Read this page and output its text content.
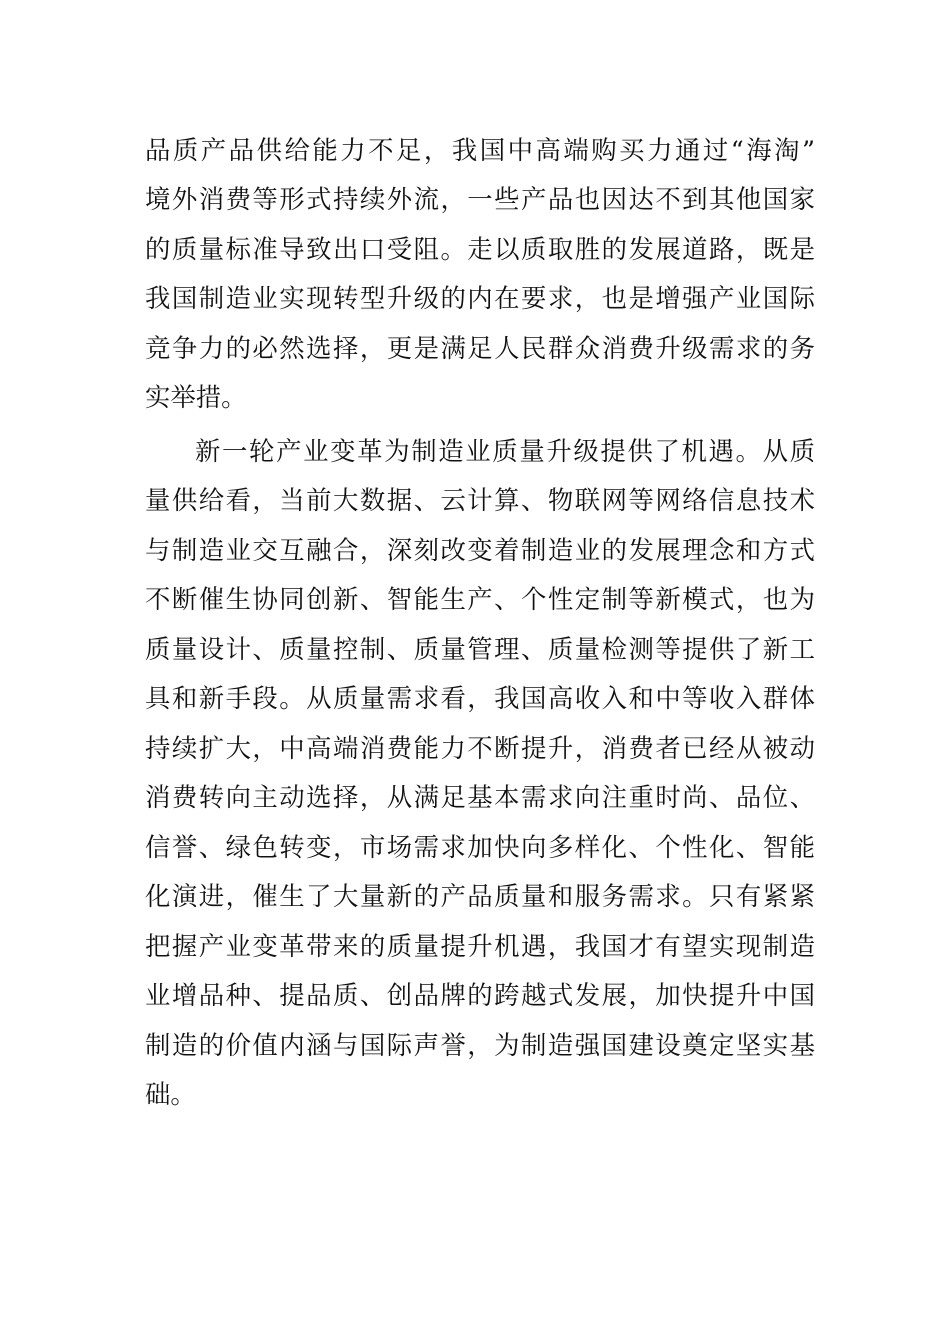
品质产品供给能力不足，我国中高端购买力通过“海淘”
境外消费等形式持续外流，一些产品也因达不到其他国家
的质量标准导致出口受阻。走以质取胜的发展道路，既是
我国制造业实现转型升级的内在要求，也是增强产业国际
竞争力的必然选择，更是满足人民群众消费升级需求的务
实举措。
新一轮产业变革为制造业质量升级提供了机遇。从质
量供给看，当前大数据、云计算、物联网等网络信息技术
与制造业交互融合，深刻改变着制造业的发展理念和方式
不断催生协同创新、智能生产、个性定制等新模式，也为
质量设计、质量控制、质量管理、质量检测等提供了新工
具和新手段。从质量需求看，我国高收入和中等收入群体
持续扩大，中高端消费能力不断提升，消费者已经从被动
消费转向主动选择，从满足基本需求向注重时尚、品位、
信誉、绿色转变，市场需求加快向多样化、个性化、智能
化演进，催生了大量新的产品质量和服务需求。只有紧紧
把握产业变革带来的质量提升机遇，我国才有望实现制造
业增品种、提品质、创品牌的跨越式发展，加快提升中国
制造的价值内涵与国际声誉，为制造强国建设奠定坚实基
础。
